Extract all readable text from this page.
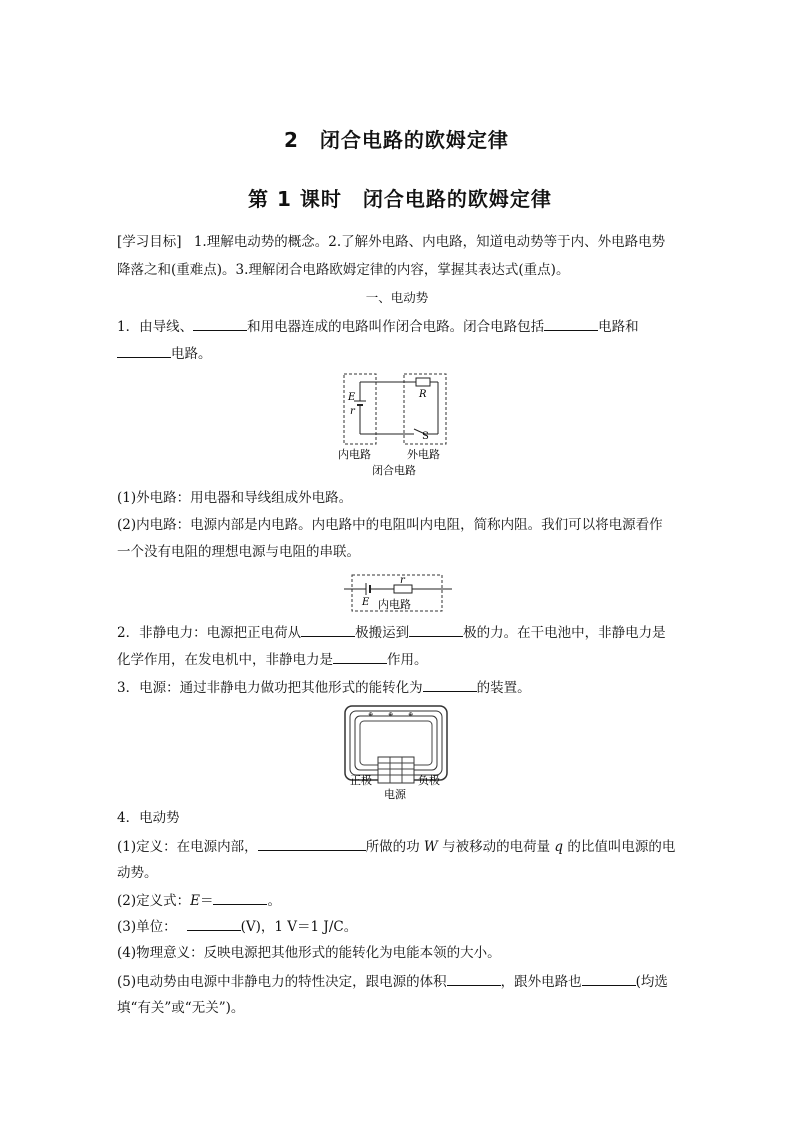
2　闭合电路的欧姆定律
第 1 课时　闭合电路的欧姆定律
[学习目标] 1.理解电动势的概念。2.了解外电路、内电路，知道电动势等于内、外电路电势
降落之和(重难点)。3.理解闭合电路欧姆定律的内容，掌握其表达式(重点)。
一、电动势
1．由导线、	和用电器连成的电路叫作闭合电路。闭合电路包括	电路和
电路。
E
r
R
S
内电路	外电路
闭合电路
(1)外电路：用电器和导线组成外电路。
(2)内电路：电源内部是内电路。内电路中的电阻叫内电阻，简称内阻。我们可以将电源看作
一个没有电阻的理想电源与电阻的串联。
E
r
内电路
2．非静电力：电源把正电荷从	极搬运到	极的力。在干电池中，非静电力是
化学作用，在发电机中，非静电力是	作用。
3．电源：通过非静电力做功把其他形式的能转化为	的装置。
⊕ ⊕ ⊕
正极	负极
电源
4．电动势
(1)定义：在电源内部，	所做的功 W 与被移动的电荷量 q 的比值叫电源的电
动势。
(2)定义式：E＝	。
(3)单位：	(V)，1 V＝1 J/C。
(4)物理意义：反映电源把其他形式的能转化为电能本领的大小。
(5)电动势由电源中非静电力的特性决定，跟电源的体积	，跟外电路也	(均选
填“有关”或“无关”)。
